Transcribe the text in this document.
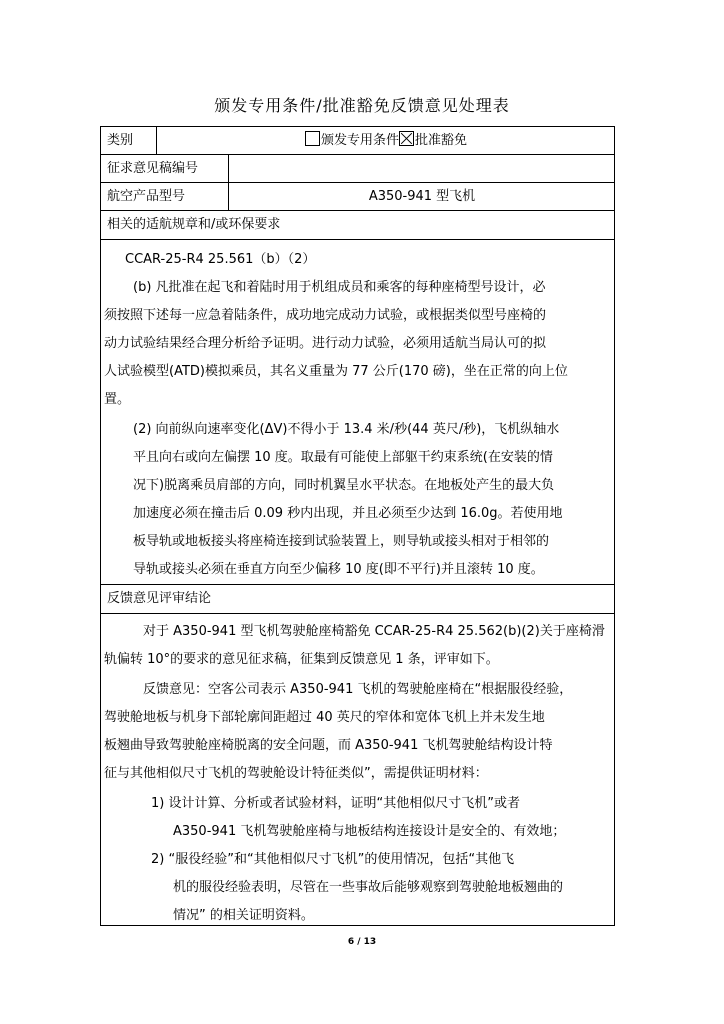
颁发专用条件/批准豁免反馈意见处理表
类别	颁发专用条件 批准豁免
征求意见稿编号
航空产品型号	A350-941 型飞机
相关的适航规章和/或环保要求
CCAR-25-R4 25.561（b）（2）
(b) 凡批准在起飞和着陆时用于机组成员和乘客的每种座椅型号设计，必
须按照下述每一应急着陆条件，成功地完成动力试验，或根据类似型号座椅的
动力试验结果经合理分析给予证明。进行动力试验，必须用适航当局认可的拟
人试验模型(ATD)模拟乘员，其名义重量为 77 公斤(170 磅)，坐在正常的向上位
置。
(2) 向前纵向速率变化(ΔV)不得小于 13.4 米/秒(44 英尺/秒)，飞机纵轴水
平且向右或向左偏摆 10 度。取最有可能使上部躯干约束系统(在安装的情
况下)脱离乘员肩部的方向，同时机翼呈水平状态。在地板处产生的最大负
加速度必须在撞击后 0.09 秒内出现，并且必须至少达到 16.0g。若使用地
板导轨或地板接头将座椅连接到试验装置上，则导轨或接头相对于相邻的
导轨或接头必须在垂直方向至少偏移 10 度(即不平行)并且滚转 10 度。
反馈意见评审结论
对于 A350-941 型飞机驾驶舱座椅豁免 CCAR-25-R4 25.562(b)(2)关于座椅滑
轨偏转 10°的要求的意见征求稿，征集到反馈意见 1 条，评审如下。
反馈意见：空客公司表示 A350-941 飞机的驾驶舱座椅在“根据服役经验，
驾驶舱地板与机身下部轮廓间距超过 40 英尺的窄体和宽体飞机上并未发生地
板翘曲导致驾驶舱座椅脱离的安全问题，而 A350-941 飞机驾驶舱结构设计特
征与其他相似尺寸飞机的驾驶舱设计特征类似”，需提供证明材料：
1) 设计计算、分析或者试验材料，证明“其他相似尺寸飞机”或者
A350-941 飞机驾驶舱座椅与地板结构连接设计是安全的、有效地；
2) “服役经验”和“其他相似尺寸飞机”的使用情况，包括“其他飞
机的服役经验表明，尽管在一些事故后能够观察到驾驶舱地板翘曲的
情况” 的相关证明资料。
6 / 13
